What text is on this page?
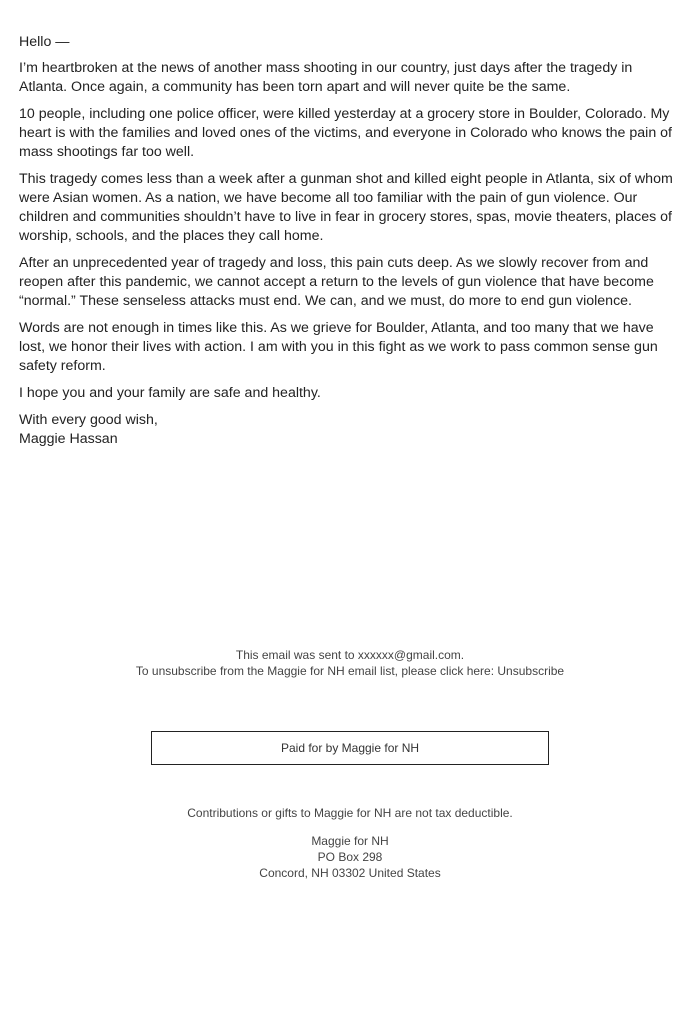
Hello —

I’m heartbroken at the news of another mass shooting in our country, just days after the tragedy in Atlanta. Once again, a community has been torn apart and will never quite be the same.

10 people, including one police officer, were killed yesterday at a grocery store in Boulder, Colorado. My heart is with the families and loved ones of the victims, and everyone in Colorado who knows the pain of mass shootings far too well.

This tragedy comes less than a week after a gunman shot and killed eight people in Atlanta, six of whom were Asian women. As a nation, we have become all too familiar with the pain of gun violence. Our children and communities shouldn’t have to live in fear in grocery stores, spas, movie theaters, places of worship, schools, and the places they call home.

After an unprecedented year of tragedy and loss, this pain cuts deep. As we slowly recover from and reopen after this pandemic, we cannot accept a return to the levels of gun violence that have become “normal.” These senseless attacks must end. We can, and we must, do more to end gun violence.

Words are not enough in times like this. As we grieve for Boulder, Atlanta, and too many that we have lost, we honor their lives with action. I am with you in this fight as we work to pass common sense gun safety reform.

I hope you and your family are safe and healthy.

With every good wish,
Maggie Hassan

This email was sent to xxxxxx@gmail.com.
To unsubscribe from the Maggie for NH email list, please click here: Unsubscribe
Paid for by Maggie for NH
Contributions or gifts to Maggie for NH are not tax deductible.
Maggie for NH
PO Box 298
Concord, NH 03302 United States
